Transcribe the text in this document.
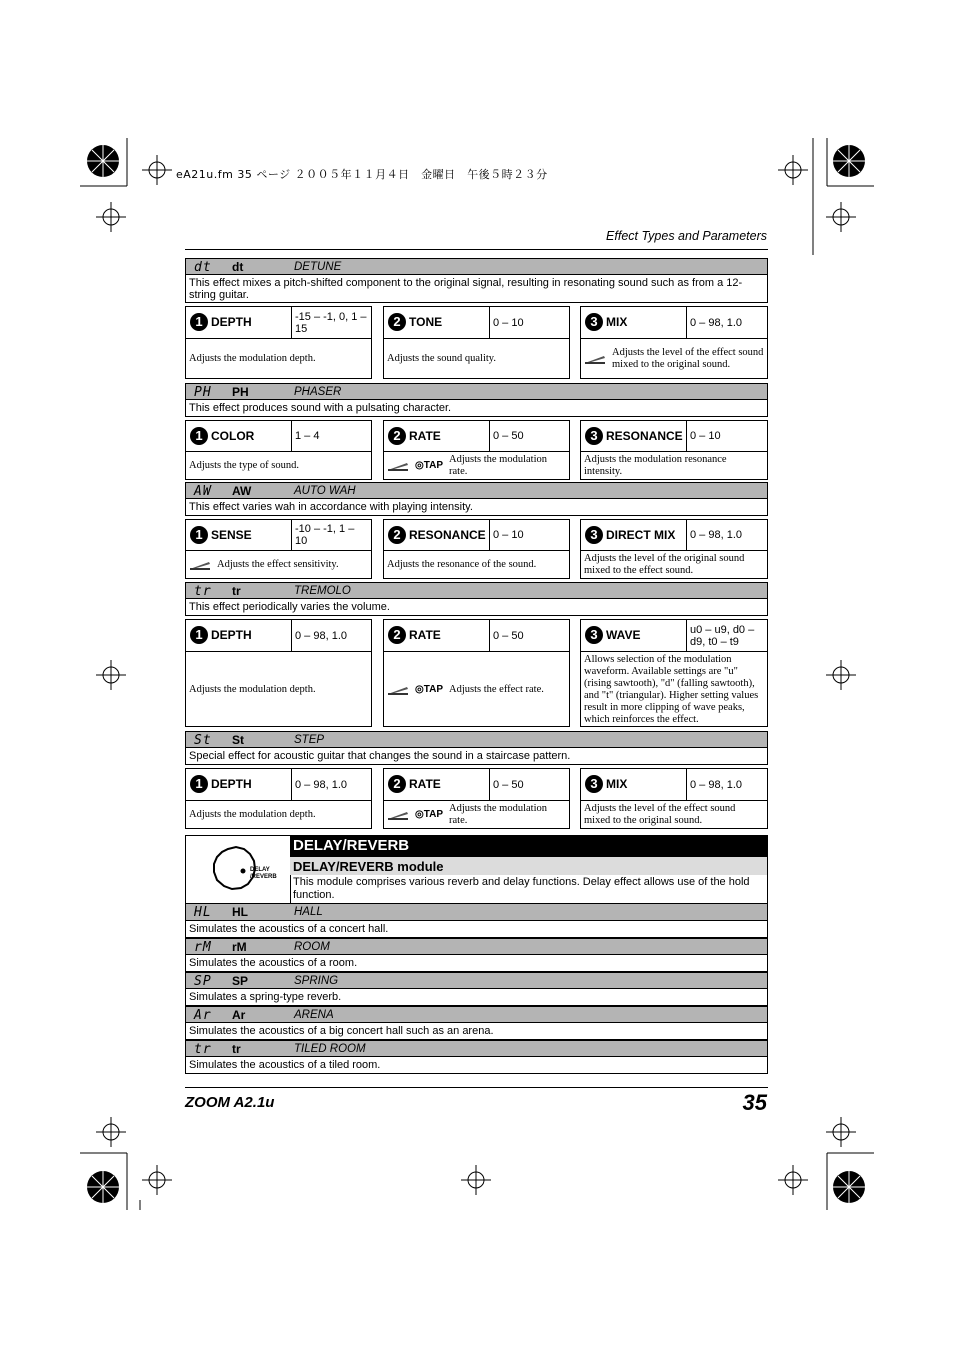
eA21u.fm 35 ページ ２００５年１１月４日　金曜日　午後５時２３分
Effect Types and Parameters
dt dt	DETUNE
This effect mixes a pitch-shifted component to the original signal, resulting in resonating sound such as from a 12-string guitar.
1 DEPTH	-15 – -1, 0, 1 – 15
Adjusts the modulation depth.
2 TONE	0 – 10
Adjusts the sound quality.
3 MIX	0 – 98, 1.0
Adjusts the level of the effect sound mixed to the original sound.
PH PH	PHASER
This effect produces sound with a pulsating character.
1 COLOR	1 – 4
Adjusts the type of sound.
2 RATE	0 – 50
◎TAP
Adjusts the modulation rate.
3 RESONANCE 0 – 10
Adjusts the modulation resonance intensity.
AW AW	AUTO WAH
This effect varies wah in accordance with playing intensity.
1 SENSE	-10 – -1, 1 – 10
Adjusts the effect sensitivity.
2 RESONANCE 0 – 10
Adjusts the resonance of the sound.
3 DIRECT MIX	0 – 98, 1.0
Adjusts the level of the original sound mixed to the effect sound.
tr tr	TREMOLO
This effect periodically varies the volume.
1 DEPTH	0 – 98, 1.0
Adjusts the modulation depth.
2 RATE	0 – 50
◎TAP Adjusts the effect rate.
3 WAVE	u0 – u9, d0 – d9, t0 – t9
Allows selection of the modulation waveform. Available settings are "u" (rising sawtooth), "d" (falling sawtooth), and "t" (triangular). Higher setting values result in more clipping of wave peaks, which reinforces the effect.
St St	STEP
Special effect for acoustic guitar that changes the sound in a staircase pattern.
1 DEPTH	0 – 98, 1.0
Adjusts the modulation depth.
2 RATE	0 – 50
◎TAP
Adjusts the modulation rate.
3 MIX	0 – 98, 1.0
Adjusts the level of the effect sound mixed to the original sound.
DELAY
/REVERB
DELAY/REVERB
DELAY/REVERB module
This module comprises various reverb and delay functions. Delay effect allows use of the hold function.
HL HL	HALL
Simulates the acoustics of a concert hall.
rM rM	ROOM
Simulates the acoustics of a room.
SP SP	SPRING
Simulates a spring-type reverb.
Ar Ar	ARENA
Simulates the acoustics of a big concert hall such as an arena.
tr tr	TILED ROOM
Simulates the acoustics of a tiled room.
ZOOM A2.1u	35
